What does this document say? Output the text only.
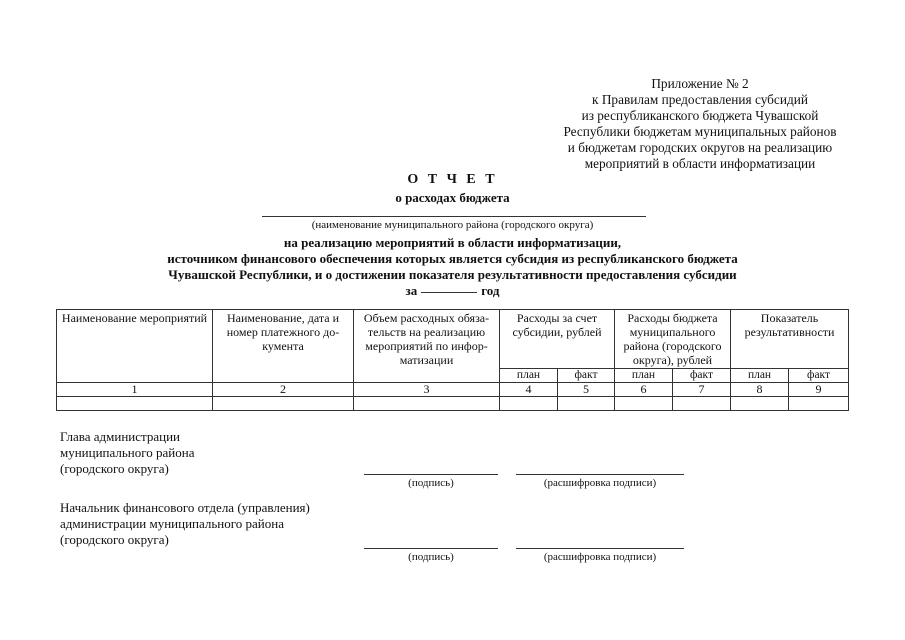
Приложение № 2
к Правилам предоставления субсидий
из республиканского бюджета Чувашской
Республики бюджетам муниципальных районов
и бюджетам городских округов на реализацию
мероприятий в области информатизации
О Т Ч Е Т
о расходах бюджета
(наименование муниципального района (городского округа)
на реализацию мероприятий в области информатизации,
источником финансового обеспечения которых является субсидия из республиканского бюджета
Чувашской Республики, и о достижении показателя результативности предоставления субсидии
за	год
Наименование мероприятий	Наименование, дата и номер платежного до-кумента	Объем расходных обяза-тельств на реализацию мероприятий по инфор-матизации	Расходы за счет субсидии, рублей		Расходы бюджета муниципального района (городского округа), рублей		Показатель результативности	
			план	факт	план	факт	план	факт
1	2	3	4	5	6	7	8	9

Глава администрации
муниципального района
(городского округа)
(подпись)	(расшифровка подписи)
Начальник финансового отдела (управления)
администрации муниципального района
(городского округа)
(подпись)	(расшифровка подписи)
